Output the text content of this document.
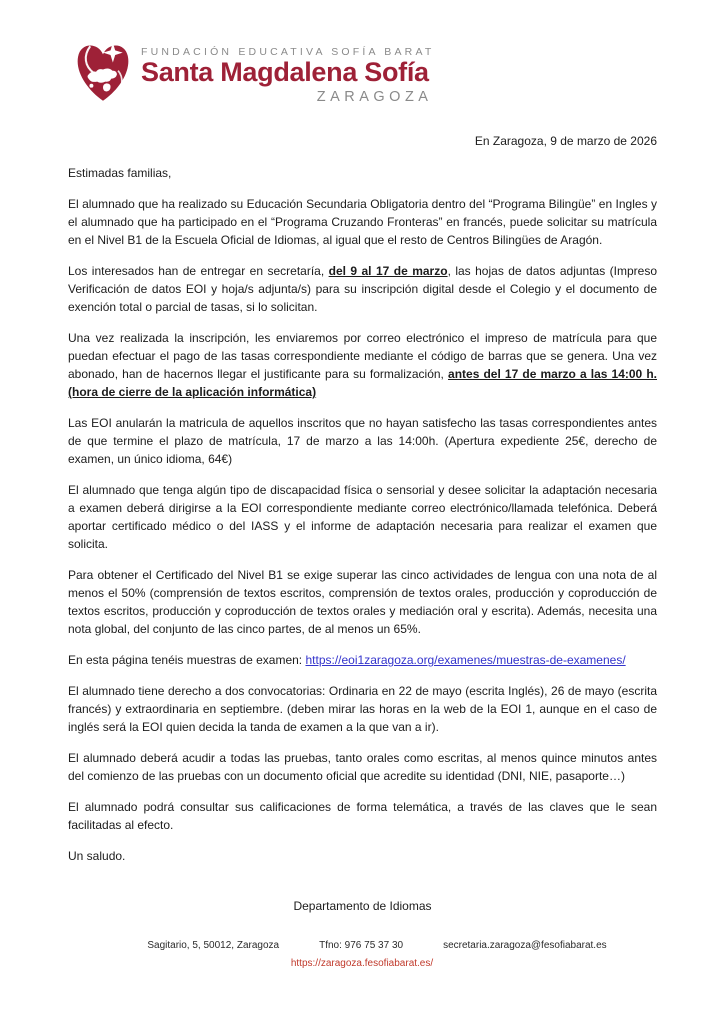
FUNDACIÓN EDUCATIVA SOFÍA BARAT
Santa Magdalena Sofía
ZARAGOZA

En Zaragoza, 9 de marzo de 2026

Estimadas familias,

El alumnado que ha realizado su Educación Secundaria Obligatoria dentro del “Programa Bilingüe” en Ingles y el alumnado que ha participado en el “Programa Cruzando Fronteras” en francés, puede solicitar su matrícula en el Nivel B1 de la Escuela Oficial de Idiomas, al igual que el resto de Centros Bilingües de Aragón.

Los interesados han de entregar en secretaría, del 9 al 17 de marzo, las hojas de datos adjuntas (Impreso Verificación de datos EOI y hoja/s adjunta/s) para su inscripción digital desde el Colegio y el documento de exención total o parcial de tasas, si lo solicitan.

Una vez realizada la inscripción, les enviaremos por correo electrónico el impreso de matrícula para que puedan efectuar el pago de las tasas correspondiente mediante el código de barras que se genera. Una vez abonado, han de hacernos llegar el justificante para su formalización, antes del 17 de marzo a las 14:00 h. (hora de cierre de la aplicación informática)

Las EOI anularán la matricula de aquellos inscritos que no hayan satisfecho las tasas correspondientes antes de que termine el plazo de matrícula, 17 de marzo a las 14:00h. (Apertura expediente 25€, derecho de examen, un único idioma, 64€)

El alumnado que tenga algún tipo de discapacidad física o sensorial y desee solicitar la adaptación necesaria a examen deberá dirigirse a la EOI correspondiente mediante correo electrónico/llamada telefónica. Deberá aportar certificado médico o del IASS y el informe de adaptación necesaria para realizar el examen que solicita.

Para obtener el Certificado del Nivel B1 se exige superar las cinco actividades de lengua con una nota de al menos el 50% (comprensión de textos escritos, comprensión de textos orales, producción y coproducción de textos escritos, producción y coproducción de textos orales y mediación oral y escrita). Además, necesita una nota global, del conjunto de las cinco partes, de al menos un 65%.

En esta página tenéis muestras de examen: https://eoi1zaragoza.org/examenes/muestras-de-examenes/

El alumnado tiene derecho a dos convocatorias: Ordinaria en 22 de mayo (escrita Inglés), 26 de mayo (escrita francés) y extraordinaria en septiembre. (deben mirar las horas en la web de la EOI 1, aunque en el caso de inglés será la EOI quien decida la tanda de examen a la que van a ir).

El alumnado deberá acudir a todas las pruebas, tanto orales como escritas, al menos quince minutos antes del comienzo de las pruebas con un documento oficial que acredite su identidad (DNI, NIE, pasaporte…)

El alumnado podrá consultar sus calificaciones de forma telemática, a través de las claves que le sean facilitadas al efecto.

Un saludo.

Departamento de Idiomas

Sagitario, 5, 50012, Zaragoza	Tfno: 976 75 37 30	secretaria.zaragoza@fesofiabarat.es
https://zaragoza.fesofiabarat.es/
